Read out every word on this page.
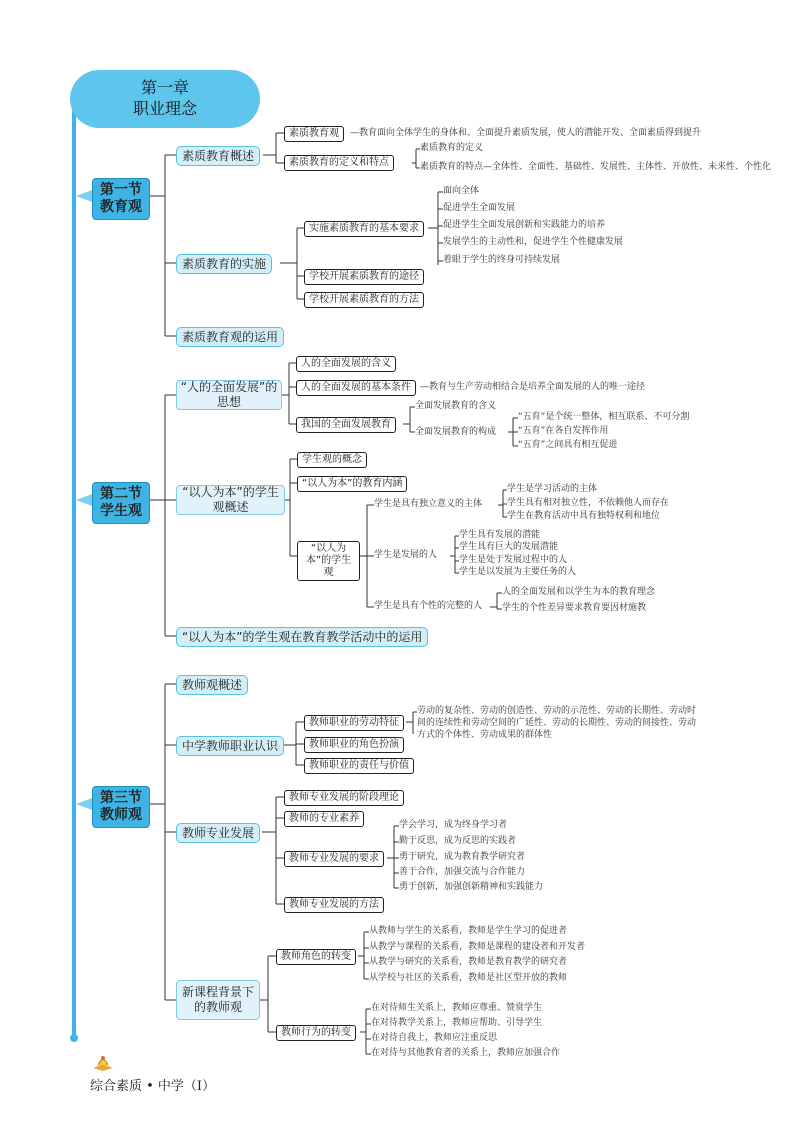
第一章
职业理念
第一节
教育观
第二节
学生观
第三节
教师观
素质教育概述
素质教育观	—教育面向全体学生的身体和、全面提升素质发展，使人的潜能开发、全面素质得到提升
素质教育的定义和特点
素质教育的定义
素质教育的特点—全体性、全面性、基础性、发展性、主体性、开放性、未来性、个性化
素质教育的实施
实施素质教育的基本要求
面向全体
促进学生全面发展
促进学生全面发展创新和实践能力的培养
发展学生的主动性和，促进学生个性健康发展
着眼于学生的终身可持续发展
学校开展素质教育的途径
学校开展素质教育的方法
素质教育观的运用
“人的全面发展”的思想
人的全面发展的含义
人的全面发展的基本条件	—教育与生产劳动相结合是培养全面发展的人的唯一途径
我国的全面发展教育
全面发展教育的含义
全面发展教育的构成
“五育”是个统一整体，相互联系、不可分割
“五育”在各自发挥作用
“五育”之间具有相互促进
“以人为本”的学生观概述
学生观的概念
“以人为本”的教育内涵
“以人为本”的学生观
学生是具有独立意义的主体
学生是学习活动的主体
学生具有相对独立性，不依赖他人而存在
学生在教育活动中具有独特权利和地位
学生是发展的人
学生具有发展的潜能
学生具有巨大的发展潜能
学生是处于发展过程中的人
学生是以发展为主要任务的人
学生是具有个性的完整的人
人的全面发展和以学生为本的教育理念
学生的个性差异要求教育要因材施教
“以人为本”的学生观在教育教学活动中的运用
教师观概述
中学教师职业认识
教师职业的劳动特征
劳动的复杂性、劳动的创造性、劳动的示范性、劳动的长期性、劳动时
间的连续性和劳动空间的广延性、劳动的长期性、劳动的间接性、劳动
方式的个体性、劳动成果的群体性
教师职业的角色扮演
教师职业的责任与价值
教师专业发展
教师专业发展的阶段理论
教师的专业素养
教师专业发展的要求
学会学习，成为终身学习者
勤于反思，成为反思的实践者
勇于研究，成为教育教学研究者
善于合作，加强交流与合作能力
勇于创新，加强创新精神和实践能力
教师专业发展的方法
新课程背景下的教师观
教师角色的转变
从教师与学生的关系看，教师是学生学习的促进者
从教学与课程的关系看，教师是课程的建设者和开发者
从教学与研究的关系看，教师是教育教学的研究者
从学校与社区的关系看，教师是社区型开放的教师
教师行为的转变
在对待师生关系上，教师应尊重、赞赏学生
在对待教学关系上，教师应帮助、引导学生
在对待自我上，教师应注重反思
在对待与其他教育者的关系上，教师应加强合作
综合素质 • 中学（Ⅰ）
